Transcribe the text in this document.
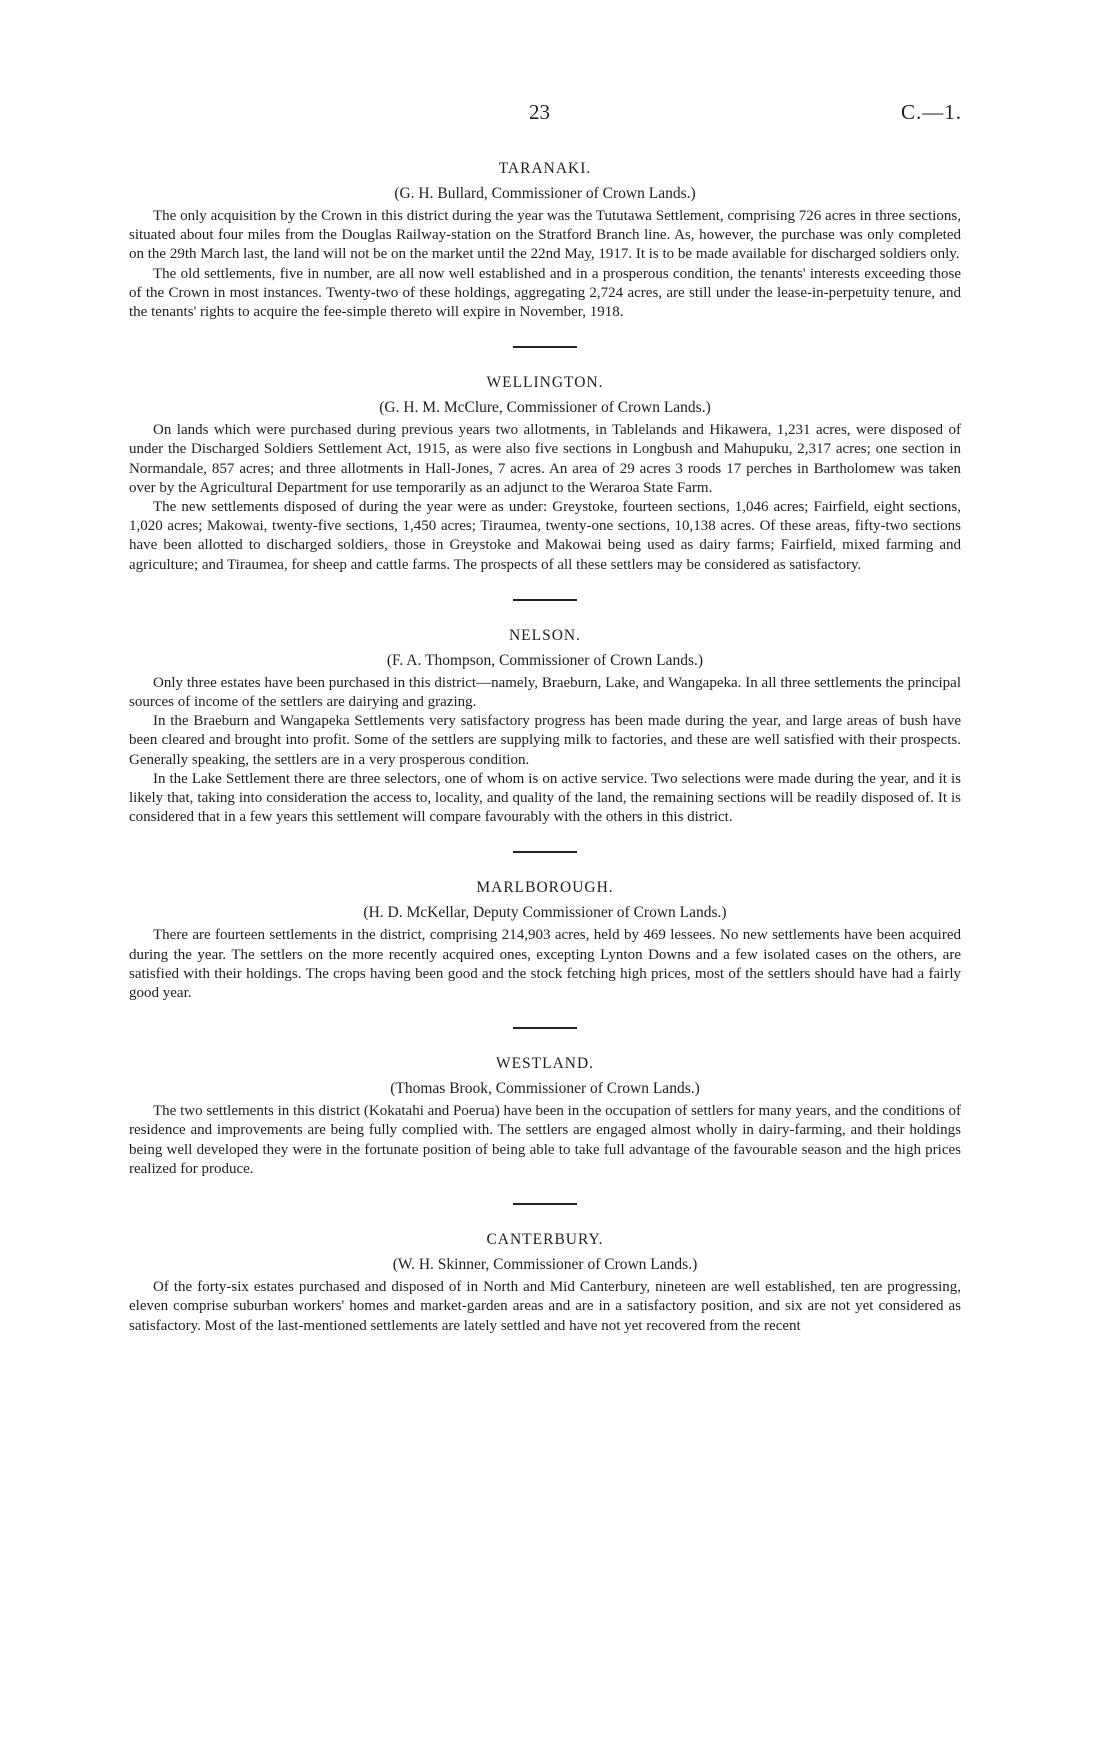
23	C.—1.
TARANAKI.
(G. H. Bullard, Commissioner of Crown Lands.)

The only acquisition by the Crown in this district during the year was the Tututawa Settlement, comprising 726 acres in three sections, situated about four miles from the Douglas Railway-station on the Stratford Branch line. As, however, the purchase was only completed on the 29th March last, the land will not be on the market until the 22nd May, 1917. It is to be made available for discharged soldiers only.

The old settlements, five in number, are all now well established and in a prosperous condition, the tenants' interests exceeding those of the Crown in most instances. Twenty-two of these holdings, aggregating 2,724 acres, are still under the lease-in-perpetuity tenure, and the tenants' rights to acquire the fee-simple thereto will expire in November, 1918.

WELLINGTON.
(G. H. M. McClure, Commissioner of Crown Lands.)

On lands which were purchased during previous years two allotments, in Tablelands and Hikawera, 1,231 acres, were disposed of under the Discharged Soldiers Settlement Act, 1915, as were also five sections in Longbush and Mahupuku, 2,317 acres; one section in Normandale, 857 acres; and three allotments in Hall-Jones, 7 acres. An area of 29 acres 3 roods 17 perches in Bartholomew was taken over by the Agricultural Department for use temporarily as an adjunct to the Weraroa State Farm.

The new settlements disposed of during the year were as under: Greystoke, fourteen sections, 1,046 acres; Fairfield, eight sections, 1,020 acres; Makowai, twenty-five sections, 1,450 acres; Tiraumea, twenty-one sections, 10,138 acres. Of these areas, fifty-two sections have been allotted to discharged soldiers, those in Greystoke and Makowai being used as dairy farms; Fairfield, mixed farming and agriculture; and Tiraumea, for sheep and cattle farms. The prospects of all these settlers may be considered as satisfactory.

NELSON.
(F. A. Thompson, Commissioner of Crown Lands.)

Only three estates have been purchased in this district—namely, Braeburn, Lake, and Wangapeka. In all three settlements the principal sources of income of the settlers are dairying and grazing.

In the Braeburn and Wangapeka Settlements very satisfactory progress has been made during the year, and large areas of bush have been cleared and brought into profit. Some of the settlers are supplying milk to factories, and these are well satisfied with their prospects. Generally speaking, the settlers are in a very prosperous condition.

In the Lake Settlement there are three selectors, one of whom is on active service. Two selections were made during the year, and it is likely that, taking into consideration the access to, locality, and quality of the land, the remaining sections will be readily disposed of. It is considered that in a few years this settlement will compare favourably with the others in this district.

MARLBOROUGH.
(H. D. McKellar, Deputy Commissioner of Crown Lands.)

There are fourteen settlements in the district, comprising 214,903 acres, held by 469 lessees. No new settlements have been acquired during the year. The settlers on the more recently acquired ones, excepting Lynton Downs and a few isolated cases on the others, are satisfied with their holdings. The crops having been good and the stock fetching high prices, most of the settlers should have had a fairly good year.

WESTLAND.
(Thomas Brook, Commissioner of Crown Lands.)

The two settlements in this district (Kokatahi and Poerua) have been in the occupation of settlers for many years, and the conditions of residence and improvements are being fully complied with. The settlers are engaged almost wholly in dairy-farming, and their holdings being well developed they were in the fortunate position of being able to take full advantage of the favourable season and the high prices realized for produce.

CANTERBURY.
(W. H. Skinner, Commissioner of Crown Lands.)

Of the forty-six estates purchased and disposed of in North and Mid Canterbury, nineteen are well established, ten are progressing, eleven comprise suburban workers' homes and market-garden areas and are in a satisfactory position, and six are not yet considered as satisfactory. Most of the last-mentioned settlements are lately settled and have not yet recovered from the recent
